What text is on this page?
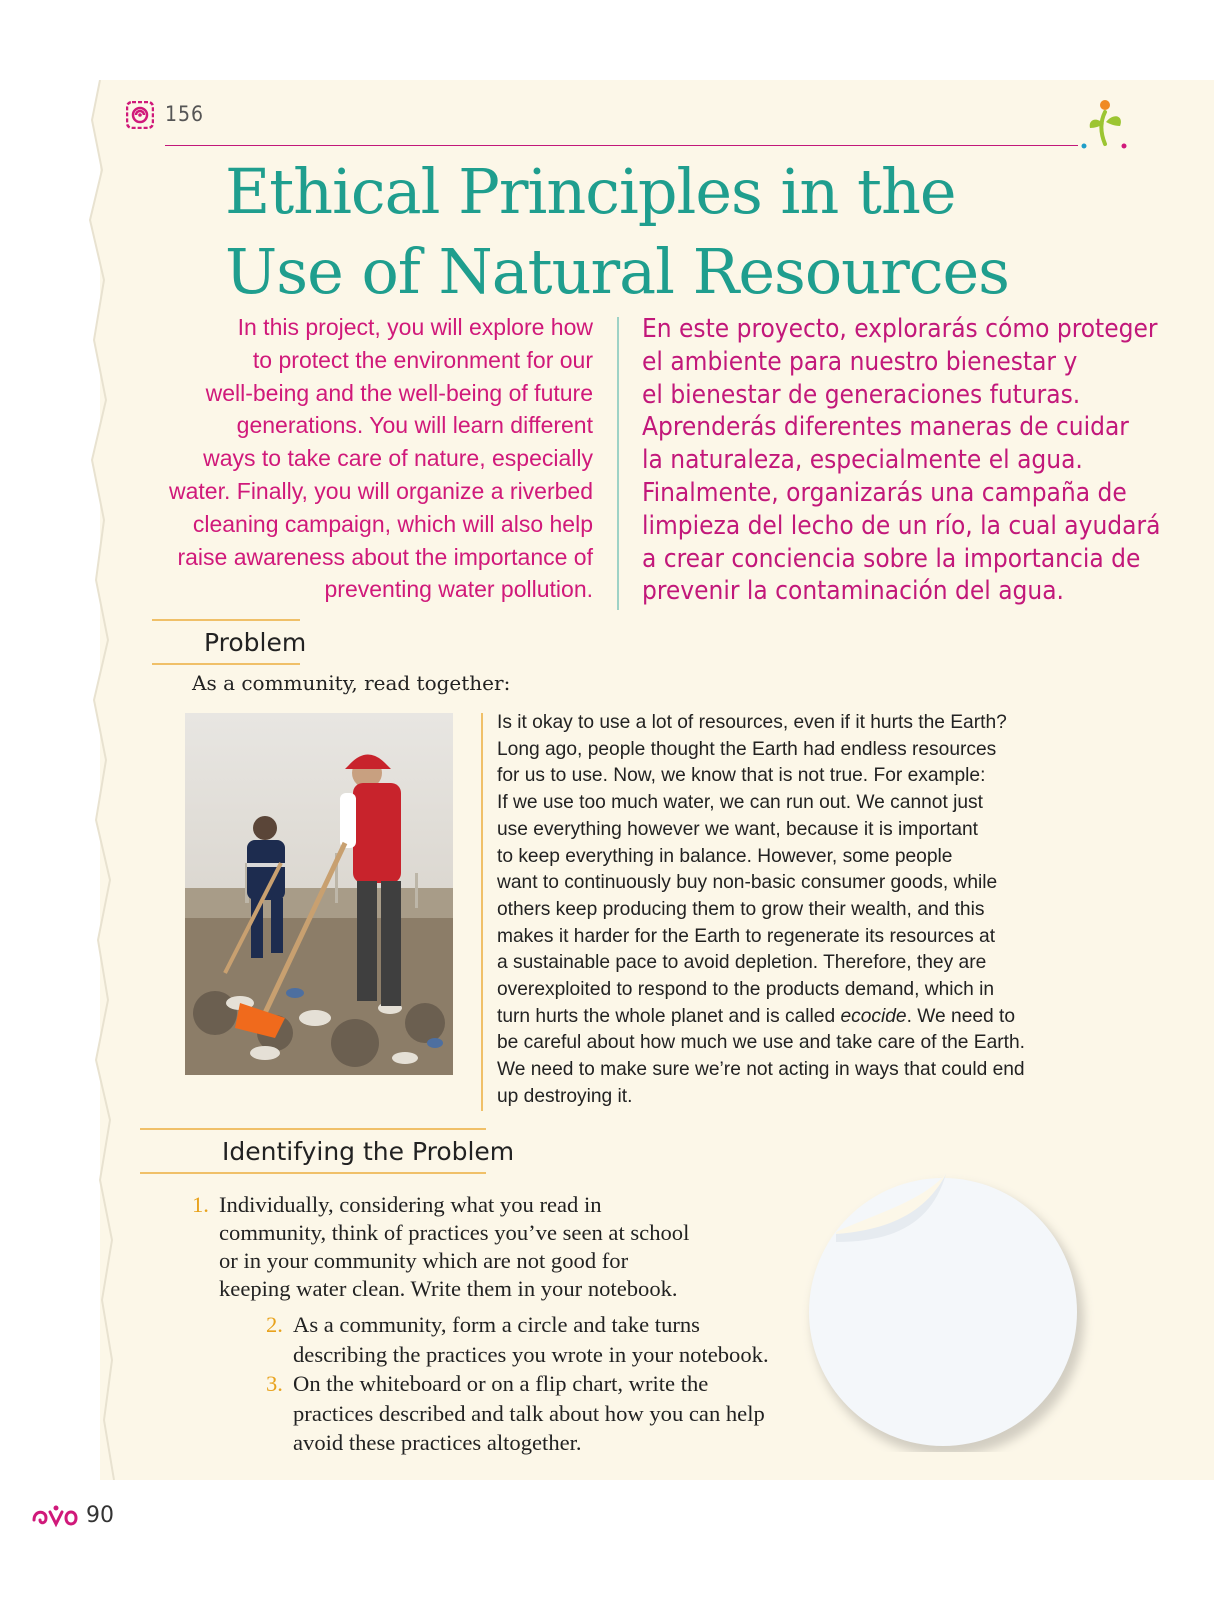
156
Ethical Principles in the
Use of Natural Resources
In this project, you will explore how
to protect the environment for our
well-being and the well-being of future
generations. You will learn different
ways to take care of nature, especially
water. Finally, you will organize a riverbed
cleaning campaign, which will also help
raise awareness about the importance of
preventing water pollution.
En este proyecto, explorarás cómo proteger
el ambiente para nuestro bienestar y
el bienestar de generaciones futuras.
Aprenderás diferentes maneras de cuidar
la naturaleza, especialmente el agua.
Finalmente, organizarás una campaña de
limpieza del lecho de un río, la cual ayudará
a crear conciencia sobre la importancia de
prevenir la contaminación del agua.
Problem
As a community, read together:
Is it okay to use a lot of resources, even if it hurts the Earth?
Long ago, people thought the Earth had endless resources
for us to use. Now, we know that is not true. For example:
If we use too much water, we can run out. We cannot just
use everything however we want, because it is important
to keep everything in balance. However, some people
want to continuously buy non-basic consumer goods, while
others keep producing them to grow their wealth, and this
makes it harder for the Earth to regenerate its resources at
a sustainable pace to avoid depletion. Therefore, they are
overexploited to respond to the products demand, which in
turn hurts the whole planet and is called ecocide. We need to
be careful about how much we use and take care of the Earth.
We need to make sure we’re not acting in ways that could end
up destroying it.
Identifying the Problem
1. Individually, considering what you read in
community, think of practices you’ve seen at school
or in your community which are not good for
keeping water clean. Write them in your notebook.
2. As a community, form a circle and take turns
describing the practices you wrote in your notebook.
3. On the whiteboard or on a flip chart, write the
practices described and talk about how you can help
avoid these practices altogether.
90
